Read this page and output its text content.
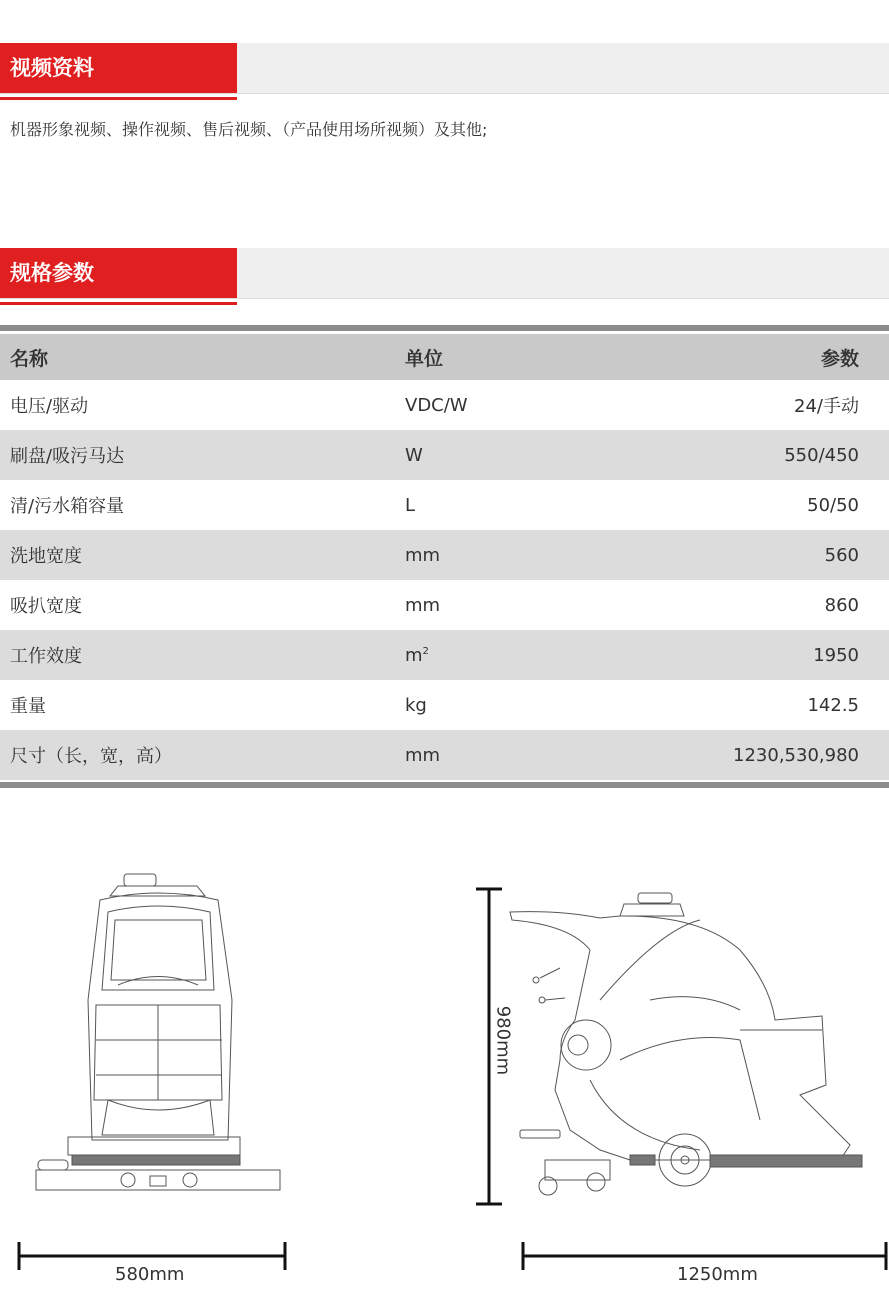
视频资料
机器形象视频、操作视频、售后视频、（产品使用场所视频）及其他;
规格参数
名称	单位	参数
电压/驱动	VDC/W	24/手动
刷盘/吸污马达	W	550/450
清/污水箱容量	L	50/50
洗地宽度	mm	560
吸扒宽度	mm	860
工作效度	$m^2$	1950
重量	kg	142.5
尺寸（长，宽，高）	mm	1230,530,980
580mm	1250mm
980mm
